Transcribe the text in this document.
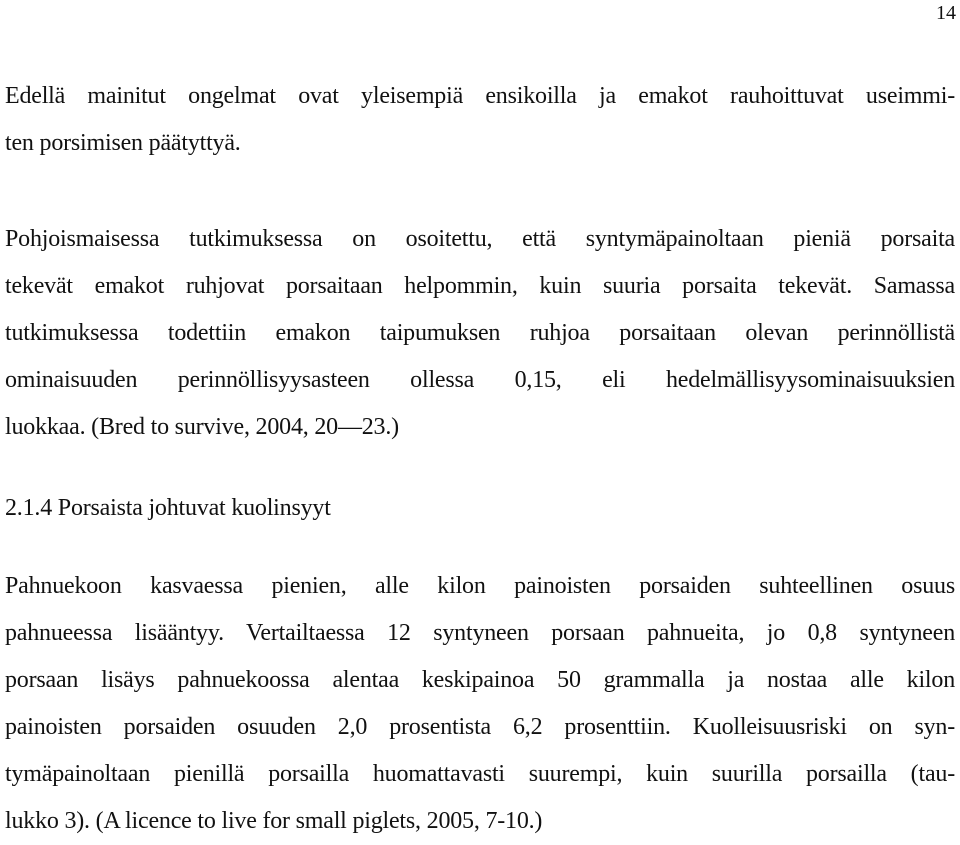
14

Edellä mainitut ongelmat ovat yleisempiä ensikoilla ja emakot rauhoittuvat useimmi-
ten porsimisen päätyttyä.

Pohjoismaisessa tutkimuksessa on osoitettu, että syntymäpainoltaan pieniä porsaita
tekevät emakot ruhjovat porsaitaan helpommin, kuin suuria porsaita tekevät. Samassa
tutkimuksessa todettiin emakon taipumuksen ruhjoa porsaitaan olevan perinnöllistä
ominaisuuden perinnöllisyysasteen ollessa 0,15, eli hedelmällisyysominaisuuksien
luokkaa. (Bred to survive, 2004, 20—23.)

2.1.4 Porsaista johtuvat kuolinsyyt

Pahnuekoon kasvaessa pienien, alle kilon painoisten porsaiden suhteellinen osuus
pahnueessa lisääntyy. Vertailtaessa 12 syntyneen porsaan pahnueita, jo 0,8 syntyneen
porsaan lisäys pahnuekoossa alentaa keskipainoa 50 grammalla ja nostaa alle kilon
painoisten porsaiden osuuden 2,0 prosentista 6,2 prosenttiin. Kuolleisuusriski on syn-
tymäpainoltaan pienillä porsailla huomattavasti suurempi, kuin suurilla porsailla (tau-
lukko 3). (A licence to live for small piglets, 2005, 7-10.)
